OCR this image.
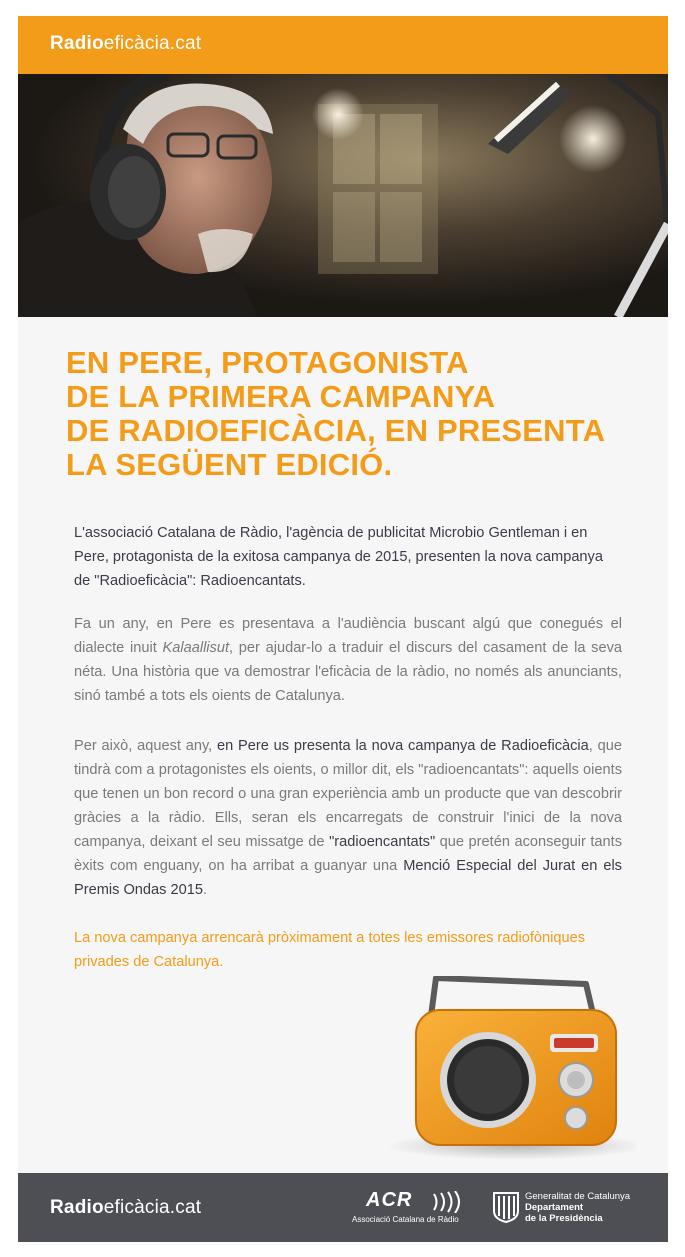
Radioeficàcia.cat
EN PERE, PROTAGONISTA
DE LA PRIMERA CAMPANYA
DE RADIOEFICÀCIA, EN PRESENTA
LA SEGÜENT EDICIÓ.
L'associació Catalana de Ràdio, l'agència de publicitat Microbio Gentleman i en Pere, protagonista de la exitosa campanya de 2015, presenten la nova campanya de "Radioeficàcia": Radioencantats.
Fa un any, en Pere es presentava a l'audiència buscant algú que conegués el dialecte inuit Kalaallisut, per ajudar-lo a traduir el discurs del casament de la seva néta. Una història que va demostrar l'eficàcia de la ràdio, no només als anunciants, sinó també a tots els oients de Catalunya.
Per això, aquest any, en Pere us presenta la nova campanya de Radioeficàcia, que tindrà com a protagonistes els oients, o millor dit, els "radioencantats": aquells oients que tenen un bon record o una gran experiència amb un producte que van descobrir gràcies a la ràdio. Ells, seran els encarregats de construir l'inici de la nova campanya, deixant el seu missatge de "radioencantats" que pretén aconseguir tants èxits com enguany, on ha arribat a guanyar una Menció Especial del Jurat en els Premis Ondas 2015.
La nova campanya arrencarà pròximament a totes les emissores radiofòniques privades de Catalunya.
Radioeficàcia.cat	ACR
Associació Catalana de Ràdio
Generalitat de Catalunya
Departament
de la Presidència
